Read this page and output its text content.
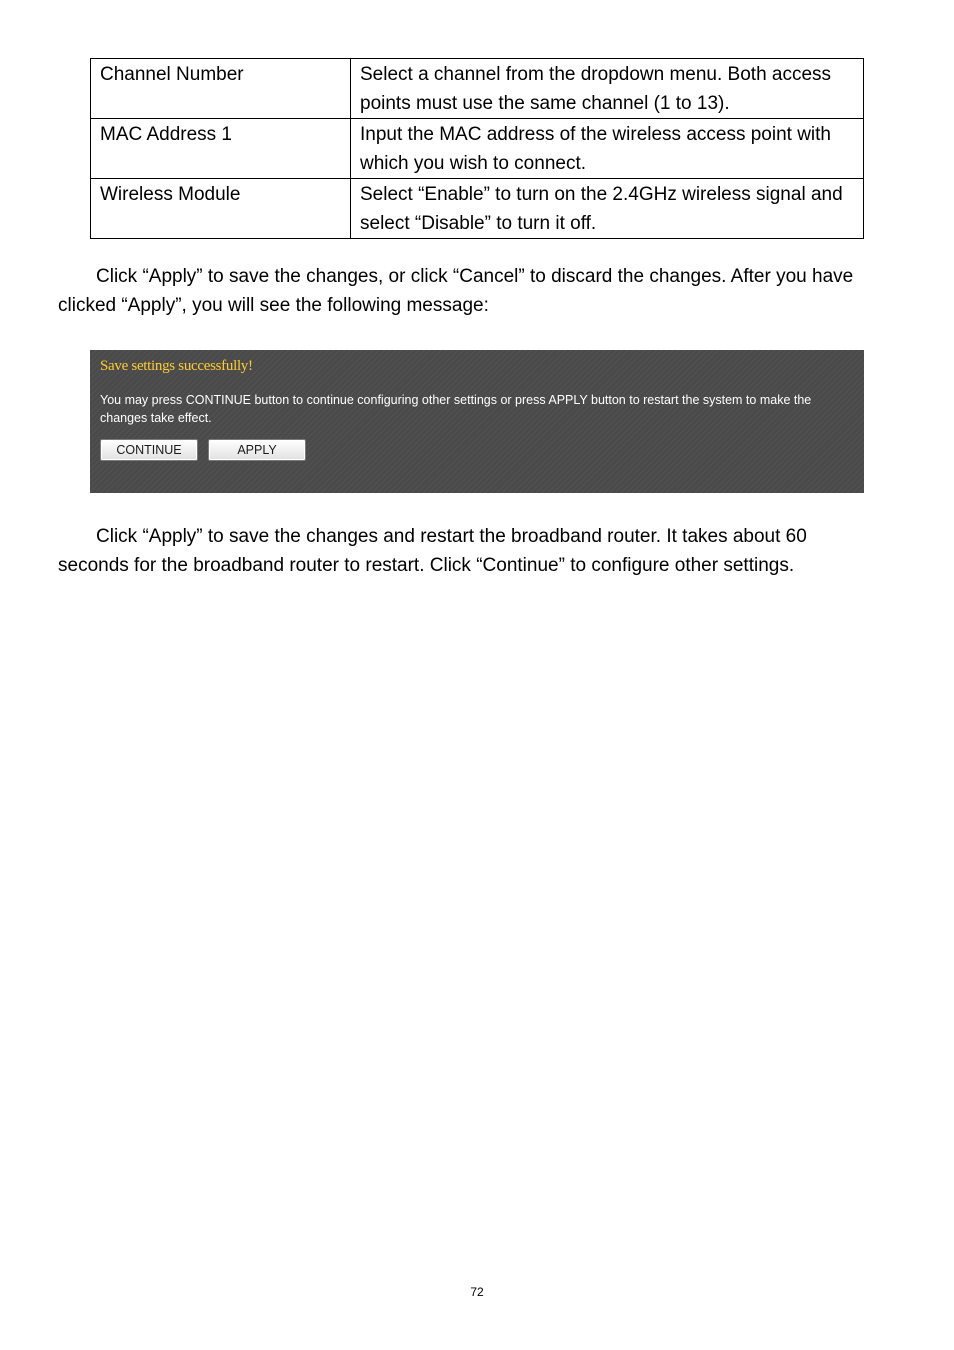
Channel Number	Select a channel from the dropdown menu. Both access points must use the same channel (1 to 13).
MAC Address 1	Input the MAC address of the wireless access point with which you wish to connect.
Wireless Module	Select “Enable” to turn on the 2.4GHz wireless signal and select “Disable” to turn it off.

Click “Apply” to save the changes, or click “Cancel” to discard the changes. After you have clicked “Apply”, you will see the following message:

Save settings successfully!
You may press CONTINUE button to continue configuring other settings or press APPLY button to restart the system to make the changes take effect.
CONTINUE	APPLY

Click “Apply” to save the changes and restart the broadband router. It takes about 60 seconds for the broadband router to restart. Click “Continue” to configure other settings.

72
